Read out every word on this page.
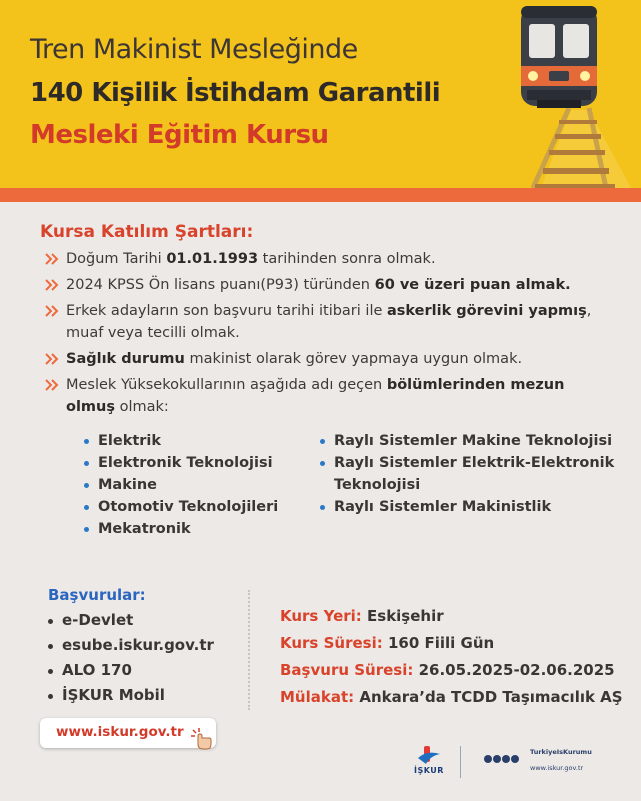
Tren Makinist Mesleğinde
140 Kişilik İstihdam Garantili
Mesleki Eğitim Kursu
Kursa Katılım Şartları:
Doğum Tarihi 01.01.1993 tarihinden sonra olmak.
2024 KPSS Ön lisans puanı(P93) türünden 60 ve üzeri puan almak.
Erkek adayların son başvuru tarihi itibari ile askerlik görevini yapmış, muaf veya tecilli olmak.
Sağlık durumu makinist olarak görev yapmaya uygun olmak.
Meslek Yüksekokullarının aşağıda adı geçen bölümlerinden mezun olmuş olmak:
Elektrik
Elektronik Teknolojisi
Makine
Otomotiv Teknolojileri
Mekatronik
Raylı Sistemler Makine Teknolojisi
Raylı Sistemler Elektrik-Elektronik Teknolojisi
Raylı Sistemler Makinistlik
Başvurular:
e-Devlet
esube.iskur.gov.tr
ALO 170
İŞKUR Mobil
Kurs Yeri: Eskişehir
Kurs Süresi: 160 Fiili Gün
Başvuru Süresi: 26.05.2025-02.06.2025
Mülakat: Ankara’da TCDD Taşımacılık AŞ
www.iskur.gov.tr
İŞKUR
TurkiyeIsKurumu
www.iskur.gov.tr
